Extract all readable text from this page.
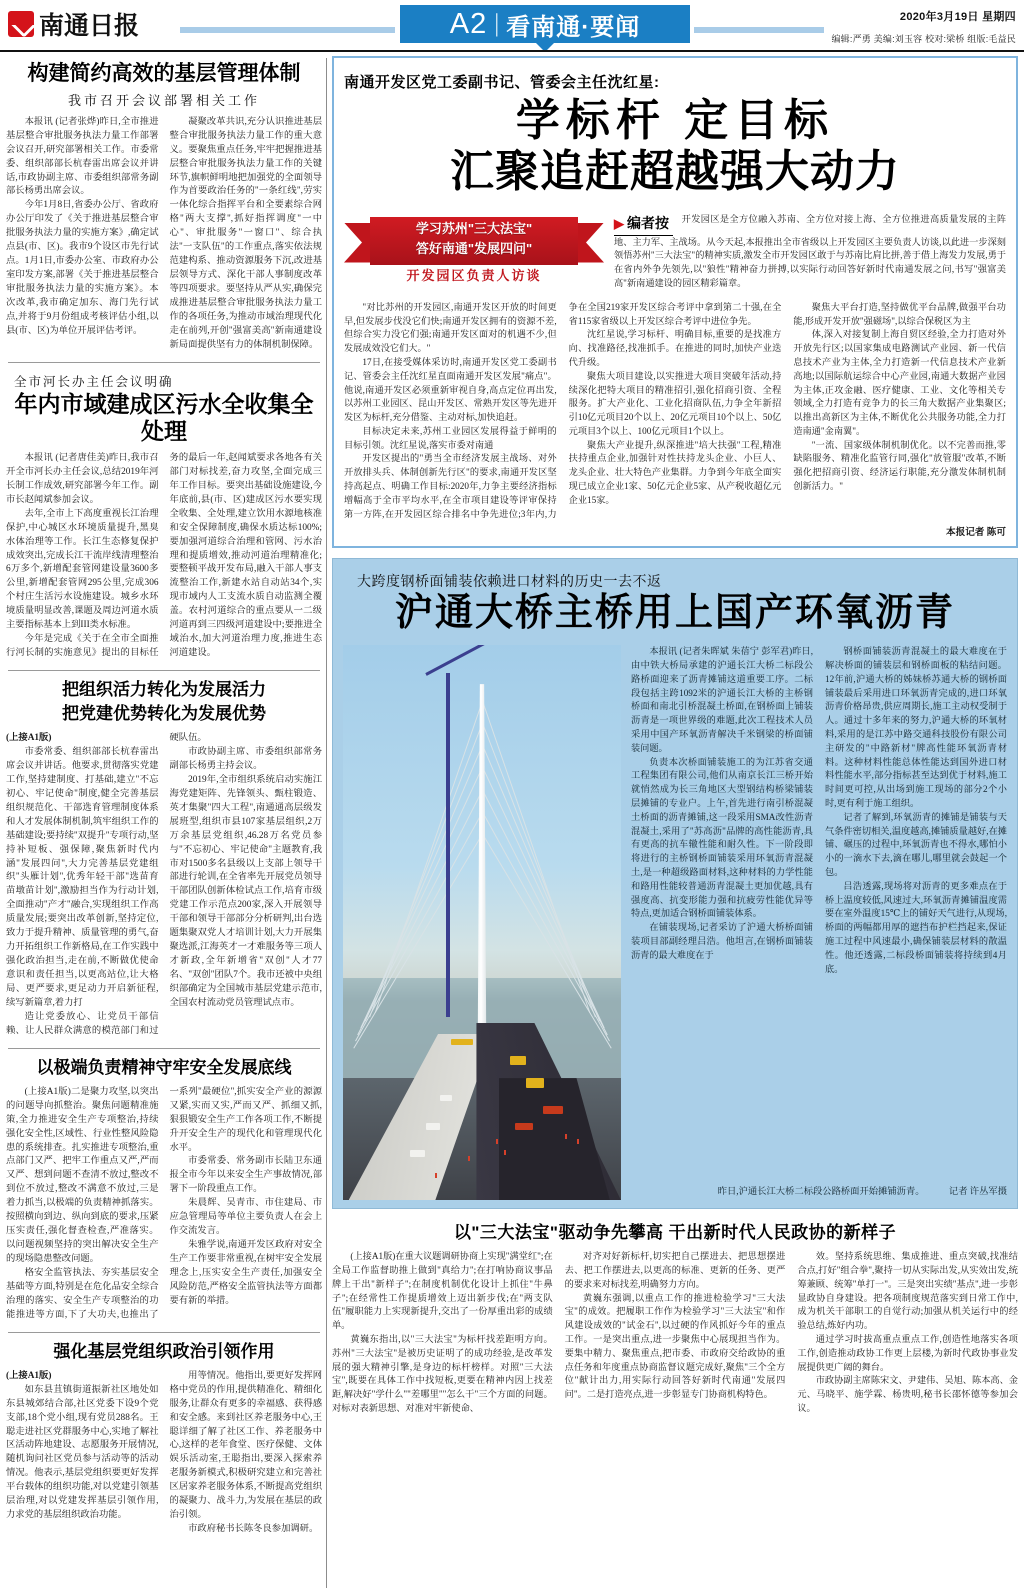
南通日报	A2 | 看南通·要闻	2020年3月19日 星期四
编辑:严勇 美编:刘玉容 校对:梁桥 组版:毛益民
构建简约高效的基层管理体制
我市召开会议部署相关工作

本报讯 (记者张烨)昨日,全市推进基层整合审批服务执法力量工作部署会议召开,研究部署相关工作。市委常委、组织部部长杭春雷出席会议并讲话,市政协副主席、市委组织部常务副部长杨勇出席会议。

今年1月8日,省委办公厅、省政府办公厅印发了《关于推进基层整合审批服务执法力量的实施方案》,确定试点县(市、区)。我市9个设区市先行试点。1月1日,市委办公室、市政府办公室印发方案,部署《关于推进基层整合审批服务执法力量的实施方案》。本次改革,我市确定加东、海门先行试点,并将于9月份组成考核评估小组,以县(市、区)为单位开展评估考评。

凝聚改革共识,充分认识推进基层整合审批服务执法力量工作的重大意义。要聚焦重点任务,牢牢把握推进基层整合审批服务执法力量工作的关键环节,旗帜鲜明地把加强党的全面领导作为首要政治任务的"一条红线",劳实一体化综合指挥平台和全要素综合网格"两大支撑",抓好指挥调度"一中心"、审批服务"一窗口"、综合执法"一支队伍"的工作重点,落实依法规范建构系、推动资源服务下沉,改进基层领导方式、深化干部人事制度改革等四项要求。要坚持从严从实,确保完成推进基层整合审批服务执法力量工作的各项任务,为推动市域治理现代化走在前列,开创"强富美高"新南通建设新局面提供坚有力的体制机制保障。

全市河长办主任会议明确
年内市域建成区污水全收集全处理

本报讯 (记者唐佳美)昨日,我市召开全市河长办主任会议,总结2019年河长制工作成效,研究部署今年工作。副市长赵闻斌参加会议。

去年,全市上下高度重视长江治理保护,中心城区水环境质量提升,黑臭水体治理等工作。长江生态修复保护成效突出,完成长江干流岸线清理整治6万多个,新增配套管网建设量3600多公里,新增配套管网295公里,完成306个村庄生活污水设施建设。城乡水环境质量明显改善,课题及周边河道水质主要指标基本上到III类水标准。

今年是完成《关于在全市全面推行河长制的实施意见》提出的目标任务的最后一年,赵闻斌要求各地各有关部门对标找差,奋力攻坚,全面完成三年工作目标。要突出基础设施建设,今年底前,县(市、区)建成区污水要实现全收集、全处理,建立饮用水源地核准和安全保障制度,确保水质达标100%;要加强河道综合治理和管网、污水治理和提质增效,推动河道治理精准化;要整顿平战开发布局,融入干部人事支流整治工作,新建水站自动站34个,实现市域内人工支流水质自动监测全覆盖。农村河道综合的重点要从一二级河道再到三四级河道建设中;要推进全域治水,加大河道治理力度,推进生态河道建设。

把组织活力转化为发展活力
把党建优势转化为发展优势

(上接A1版)

市委常委、组织部部长杭春雷出席会议并讲话。他要求,贯彻落实党建工作,坚持建制度、打基础,建立"不忘初心、牢记使命"制度,健全完善基层组织规范化、干部选育管理制度体系和人才发展体制机制,筑牢组织工作的基础建设;要持续"双提升"专项行动,坚持补短板、强保障,聚焦新时代内涵"发展四问",大力完善基层党建组织"头雁计划",优秀年轻干部"选苗育苗墩苗计划",激励担当作为行动计划,全面推动"产才"融合,实现组织工作高质量发展;要突出改革创新,坚持定位,致力于提升精神、质量管理的勇气,奋力开拓组织工作新格局,在工作实践中强化政治担当,走在前,不断做优使命意识和责任担当,以更高站位,让大格局、更严要求,更足动力开启新征程,续写新篇章,着力打

造让党委放心、让党员干部信赖、让人民群众满意的模范部门和过硬队伍。

市政协副主席、市委组织部常务副部长杨勇主持会议。

2019年,全市组织系统启动实施江海党建矩阵、先锋领头、甄柱锻造、英才集聚"四大工程",南通通高层级发展班型,组织市县107家基层组织,2万万余基层党组织,46.28万名党员参与"不忘初心、牢记使命"主题教育,我市对1500多名县级以上支部上领导干部进行轮训,在全省率先开展党员领导干部团队创新体检试点工作,培育市级党建工作示范点200家,深入开展领导干部和领导干部部分分析研判,出台选题集聚双党人才培训计划,大力开展集聚选派,江海英才一才难服务等三项人才新政,全年新增省"双创"人才77名、"双创"团队7个。我市还被中央组织部确定为全国城市基层党建示范市,全国农村流动党员管理试点市。

以极端负责精神守牢安全发展底线

(上接A1版)二是聚力攻坚,以突出的问题导向抓整治。聚焦问题精准施策,全力推进安全生产专项整治,持续强化安全性,区域性、行业性整风险隐患的系统排查。扎实推进专项整治,重点部门又严、把牢工作重点又严,严而又严、想到问题不查清不放过,整改不到位不放过,整改不满意不放过,三是着力抓当,以极端的负责精神抓落实。按照横向到边、纵向到底的要求,压紧压实责任,强化督查检查,严准落实。以问题视频坚持的突出解决安全生产的现场隐患整改问题。

格安全监管执法、夯实基层安全基础等方面,特别是在危化品安全综合治理的落实、安全生产专项整治的功能推进等方面,下了大功夫,也推出了一系列"最硬位",抓实安全产业的源源又紧,实而又实,严而又严、抓细又抓,狠狠锻安全生产工作各项工作,不断提升开安全生产的现代化和管理现代化水平。

市委常委、常务副市长陆卫东通报全市今年以来安全生产事故情况,部署下一阶段重点工作。

朱晨辉、吴青市、市住建局、市应急管理局等单位主要负责人在会上作交流发言。

朱雅学说,南通开发区政府对安全生产工作要非常重视,在树牢安全发展理念上,压实安全生产责任,加强安全风险防范,严格安全监管执法等方面都要有新的举措。

强化基层党组织政治引领作用

(上接A1版)

如东县苴镇街道振新社区地处如东县城郊结合部,社区党委下设9个党支部,18个党小组,现有党员288名。王聪走进社区党群服务中心,实地了解社区活动阵地建设、志愿服务开展情况,随机询问社区党员参与活动等的活动情况。他表示,基层党组织要更好发挥平台载体的组织功能,对以党建引领基层治理,对以党建发挥基层引领作用,力求党的基层组织政治功能。

用等情况。他指出,要更好发挥网格中党员的作用,提供精准化、精细化服务,让群众有更多的幸福感、获得感和安全感。来到社区养老服务中心,王聪详细了解了社区工作、养老服务中心,这样的老年食堂、医疗保健、文体娱乐活动室,王聪指出,要深入探索养老服务新模式,积极研究建立和完善社区居家养老服务体系,不断提高党组织的凝聚力、战斗力,为发展在基层的政治引领。

市政府秘书长陈冬良参加调研。

南通开发区党工委副书记、管委会主任沈红星:
学标杆 定目标
汇聚追赶超越强大动力
学习苏州"三大法宝"
答好南通"发展四问"
开发园区负责人访谈
▶ 编者按 开发园区是全方位融入苏南、全方位对接上海、全方位推进高质量发展的主阵地、主力军、主战场。从今天起,本报推出全市省级以上开发园区主要负责人访谈,以此进一步深刻领悟苏州"三大法宝"的精神实质,激发全市开发园区敢于与苏南比肩比拼,善于借上海发力发展,勇于在省内外争先领先,以"狼性"精神奋力拼搏,以实际行动回答好新时代南通发展之问,书写"强富美高"新南通建设的园区精彩篇章。

"对比苏州的开发园区,南通开发区开放的时间更早,但发展步伐没它们快;南通开发区拥有的资源不差,但综合实力没它们强;南通开发区面对的机遇不少,但发展成效没它们大。"

17日,在接受媒体采访时,南通开发区党工委副书记、管委会主任沈红星直面南通开发区发展"痛点"。他说,南通开发区必须重新审视自身,高点定位再出发,以苏州工业园区、昆山开发区、常熟开发区等先进开发区为标杆,充分借鉴、主动对标,加快追赶。

目标决定未来,苏州工业园区发展得益于鲜明的目标引领。沈红星说,落实市委对南通

开发区提出的"勇当全市经济发展主战场、对外开放排头兵、体制创新先行区"的要求,南通开发区坚持高起点、明确工作目标:2020年,力争主要经济指标增幅高于全市平均水平,在全市项目建设等评审保持第一方阵,在开发园区综合排名中争先进位;3年内,力争在全国219家开发区综合考评中拿到第二十强,在全省115家省级以上开发区综合考评中进位争先。

沈红星说,学习标杆、明确目标,重要的是找准方向、找准路径,找准抓手。在推进的同时,加快产业迭代升级。

聚焦大项目建设,以实推进大项目突破年活动,持续深化把特大项目的精准招引,强化招商引资、全程服务。扩大产业化、工业化招商队伍,力争全年新招引10亿元项目20个以上、20亿元项目10个以上、50亿元项目3个以上、100亿元项目1个以上。

聚焦大产业提升,纵深推进"培大扶强"工程,精准扶持重点企业,加强针对性扶持龙头企业、小巨人、龙头企业、壮大特色产业集群。力争到今年底全面实现已成立企业1家、50亿元企业5家、从产税收超亿元企业15家。

聚焦大平台打造,坚持做优平台品牌,做强平台功能,形成开发开放"强磁场",以综合保税区为主

体,深入对接复制上海自贸区经验,全力打造对外开放先行区;以国家集成电路测试产业园、新一代信息技术产业为主体,全力打造新一代信息技术产业新高地;以国际航运综合中心产业园,南通大数据产业园为主体,正攻金融、医疗健康、工业、文化等相关专领域,全力打造有竞争力的长三角大数据产业集聚区;以推出高新区为主体,不断优化公共服务功能,全力打造南通"金南翼"。

"一流、国家级体制机制优化。以不完善而推,零缺陷服务、精准化监管行同,强化"放管服"改革,不断强化把招商引资、经济运行职能,充分激发体制机制创新活力。"

本报记者 陈可
大跨度钢桥面铺装依赖进口材料的历史一去不返
沪通大桥主桥用上国产环氧沥青

本报讯 (记者朱晖斌 朱蓓宁 彭军君)昨日,由中铁大桥局承建的沪通长江大桥二标段公路桥面迎来了沥青摊铺这道重要工序。二标段包括主跨1092米的沪通长江大桥的主桥钢桥面和南北引桥混凝土桥面,在钢桥面上铺装沥青是一项世界级的难题,此次工程技术人员采用中国产环氧沥青解决千米钢梁的桥面铺装问题。

负责本次桥面铺装施工的为江苏省交通工程集团有限公司,他们从南京长江三桥开始就悄然成为长三角地区大型钢结构桥梁铺装层摊铺的专业户。上午,首先进行南引桥混凝土桥面的沥青摊铺,这一段采用SMA改性沥青混凝土,采用了"苏高沥"品牌的高性能沥青,具有更高的抗车辙性能和耐久性。下一阶段即将进行的主桥钢桥面铺装采用环氧沥青混凝土,是一种超级路面材料,这种材料的力学性能和路用性能较普通沥青混凝土更加优越,具有强度高、抗变形能力强和抗疲劳性能优异等特点,更加适合钢桥面铺装体系。

在铺装现场,记者采访了沪通大桥桥面铺装项目部副经理吕浩。他坦言,在钢桥面铺装沥青的最大难度在于

钢桥面铺装沥青混凝土的最大难度在于解决桥面的铺装层和钢桥面板的粘结问题。12年前,沪通大桥的姊妹桥苏通大桥的钢桥面铺装最后采用进口环氧沥青完成的,进口环氧沥青价格昂贵,供应周期长,施工主动权受制于人。通过十多年来的努力,沪通大桥的环氧材料,采用的是江苏中路交通科技股份有限公司主研发的"中路新材"牌高性能环氧沥青材料。这种材料性能总体性能达到国外进口材料性能水平,部分指标甚至达到优于材料,施工时间更可控,从出场到施工现场的部分2个小时,更有利于施工组织。

记者了解到,环氧沥青的摊铺是铺装与天气条件密切相关,温度越高,摊铺质量越好,在摊铺、碾压的过程中,环氧沥青也不得水,哪怕小小的一滴水下去,滴在哪儿,哪里就会鼓起一个包。

吕浩透露,现场将对沥青的更多难点在于桥上温度较低,风速过大,环氧沥青摊铺温度需要在室外温度15℃上的铺好天气进行,从现场,桥面的两幅都用厚的遮挡布护栏挡起来,保证施工过程中风速最小,确保铺装层材料的散温性。他还透露,二标段桥面铺装将持续到4月底。

昨日,沪通长江大桥二标段公路桥面开始摊铺沥青。	记者 许丛军摄
以"三大法宝"驱动争先攀高 干出新时代人民政协的新样子

(上接A1版)在重大议题调研协商上实现"满堂红";在全局工作监督助推上做到"真给力";在打响协商议事品牌上干出"新样子";在制度机制优化设计上抓住"牛鼻子";在经常性工作提质增效上迈出新步伐;在"两支队伍"履职能力上实现新提升,交出了一份厚重出彩的成绩单。

黄巍东指出,以"三大法宝"为标杆找差距明方向。苏州"三大法宝"是被历史证明了的成功经验,是改革发展的强大精神引擎,是身边的标杆榜样。对照"三大法宝",既要在具体工作中找短板,更要在精神内因上找差距,解决好"学什么""差哪里""怎么干"三个方面的问题。对标对表新思想、对准对牢新使命、

对齐对好新标杆,切实把自己摆进去、把思想摆进去、把工作摆进去,以更高的标准、更新的任务、更严的要求来对标找差,明确努力方向。

黄巍东强调,以重点工作的推进检验学习"三大法宝"的成效。把履职工作作为检验学习"三大法宝"和作风建设成效的"试金石",以过硬的作风抓好今年的重点工作。一是突出重点,进一步聚焦中心展现担当作为。要集中精力、聚焦重点,把市委、市政府交给政协的重点任务和年度重点协商监督议题完成好,聚焦"三个全方位"献计出力,用实际行动回答好新时代南通"发展四问"。二是打造亮点,进一步彰显专门协商机构特色。

效。坚持系统思维、集成推进、重点突破,找准结合点,打好"组合拳",聚持一切从实际出发,从实效出发,统筹兼顾、统筹"单打一"。三是突出实绩"基点",进一步彰显政协自身建设。把各项制度规范落实到日常工作中,成为机关干部职工的自觉行动;加强从机关运行中的经验总结,炼好内功。

通过学习时拔高重点重点工作,创造性地落实各项工作,创造推动政协工作更上层楼,为新时代政协事业发展提供更广阔的舞台。

市政协副主席陈宋文、尹建伟、吴旭、陈本高、金元、马晓平、施学霖、杨贵明,秘书长邵怀德等参加会议。
